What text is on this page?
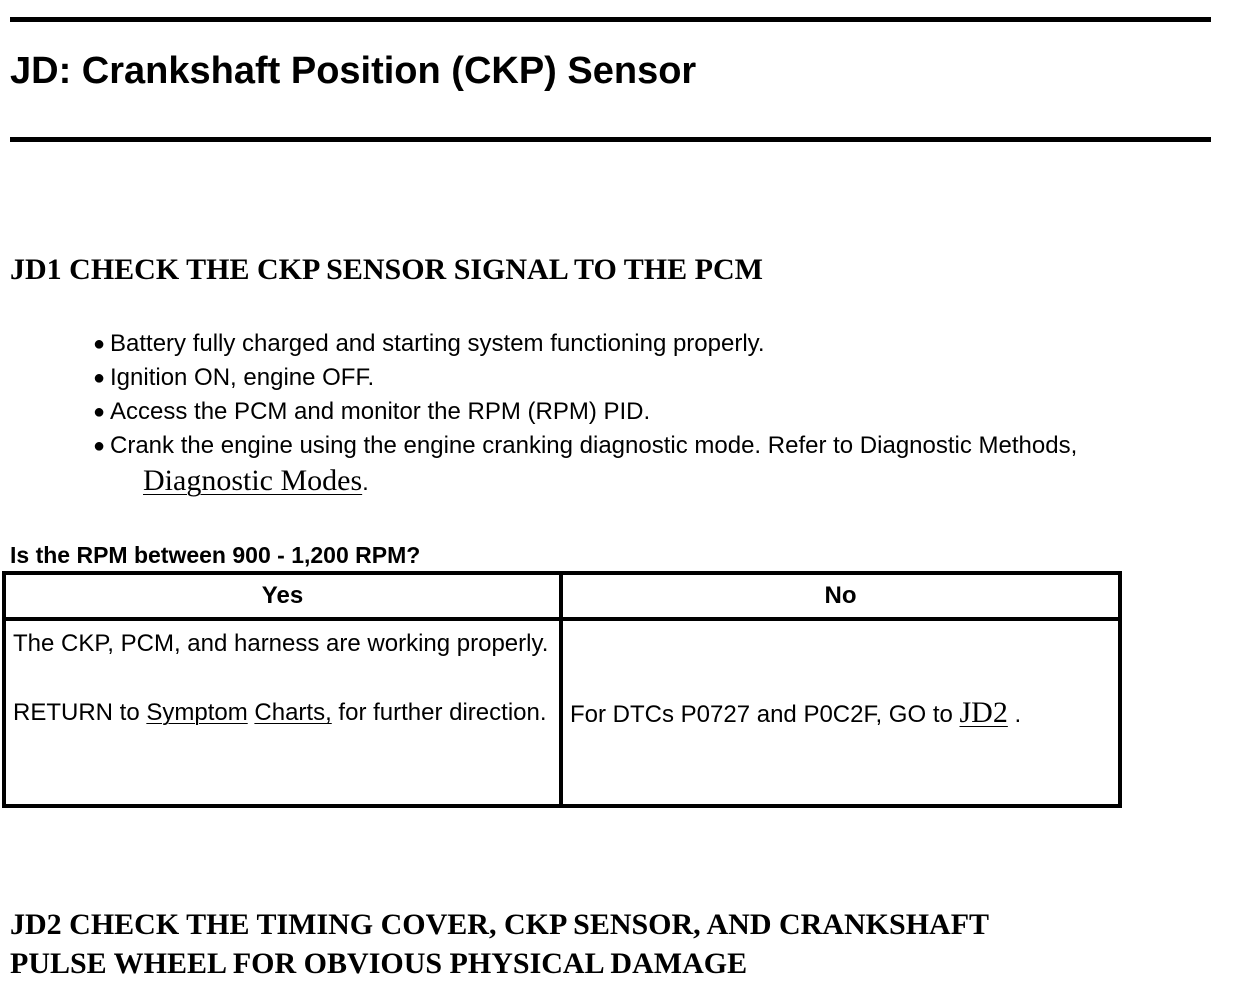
JD: Crankshaft Position (CKP) Sensor
JD1 CHECK THE CKP SENSOR SIGNAL TO THE PCM
● Battery fully charged and starting system functioning properly.
● Ignition ON, engine OFF.
● Access the PCM and monitor the RPM (RPM) PID.
● Crank the engine using the engine cranking diagnostic mode. Refer to Diagnostic Methods,
Diagnostic Modes.

Is the RPM between 900 - 1,200 RPM?

Yes	No

The CKP, PCM, and harness are working properly.

RETURN to Symptom Charts, for further direction.	For DTCs P0727 and P0C2F, GO to JD2 .
JD2 CHECK THE TIMING COVER, CKP SENSOR, AND CRANKSHAFT
PULSE WHEEL FOR OBVIOUS PHYSICAL DAMAGE
